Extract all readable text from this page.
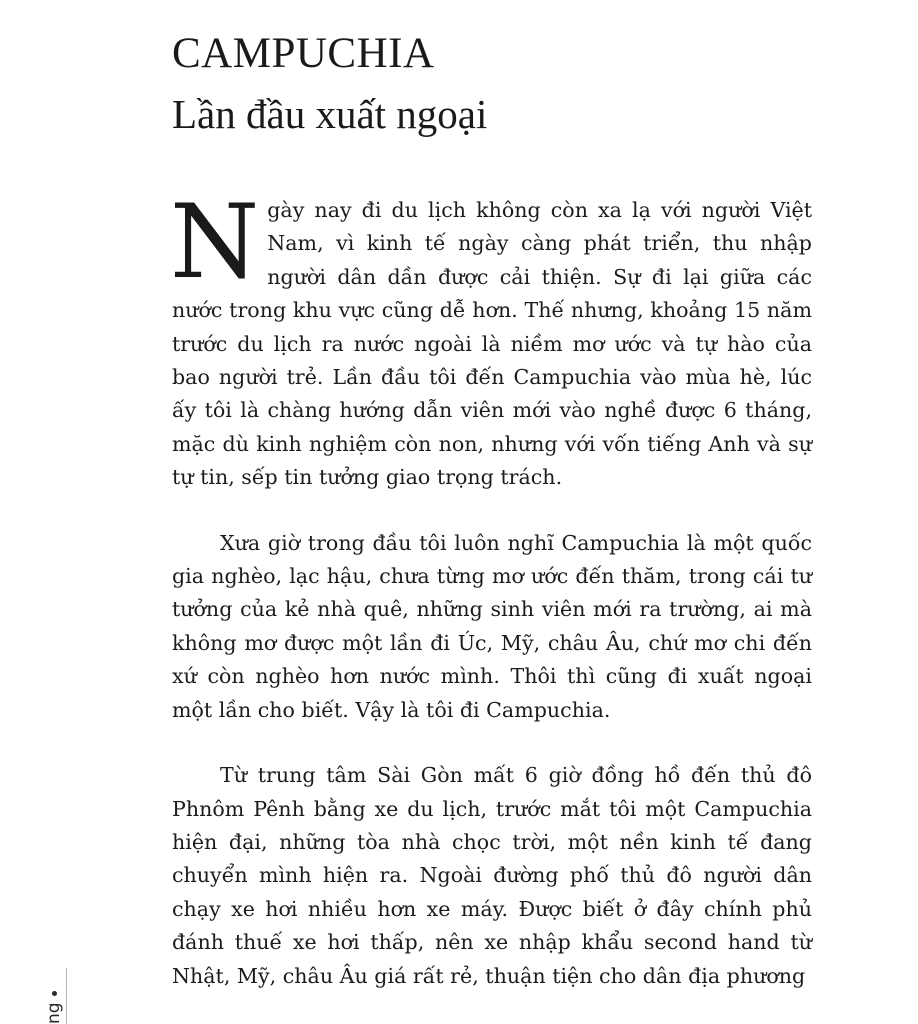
ng
CAMPUCHIA
Lần đầu xuất ngoại

Ngày nay đi du lịch không còn xa lạ với người Việt Nam, vì kinh tế ngày càng phát triển, thu nhập người dân dần được cải thiện. Sự đi lại giữa các nước trong khu vực cũng dễ hơn. Thế nhưng, khoảng 15 năm trước du lịch ra nước ngoài là niềm mơ ước và tự hào của bao người trẻ. Lần đầu tôi đến Campuchia vào mùa hè, lúc ấy tôi là chàng hướng dẫn viên mới vào nghề được 6 tháng, mặc dù kinh nghiệm còn non, nhưng với vốn tiếng Anh và sự tự tin, sếp tin tưởng giao trọng trách.

Xưa giờ trong đầu tôi luôn nghĩ Campuchia là một quốc gia nghèo, lạc hậu, chưa từng mơ ước đến thăm, trong cái tư tưởng của kẻ nhà quê, những sinh viên mới ra trường, ai mà không mơ được một lần đi Úc, Mỹ, châu Âu, chứ mơ chi đến xứ còn nghèo hơn nước mình. Thôi thì cũng đi xuất ngoại một lần cho biết. Vậy là tôi đi Campuchia.

Từ trung tâm Sài Gòn mất 6 giờ đồng hồ đến thủ đô Phnôm Pênh bằng xe du lịch, trước mắt tôi một Campuchia hiện đại, những tòa nhà chọc trời, một nền kinh tế đang chuyển mình hiện ra. Ngoài đường phố thủ đô người dân chạy xe hơi nhiều hơn xe máy. Được biết ở đây chính phủ đánh thuế xe hơi thấp, nên xe nhập khẩu second hand từ Nhật, Mỹ, châu Âu giá rất rẻ, thuận tiện cho dân địa phương
